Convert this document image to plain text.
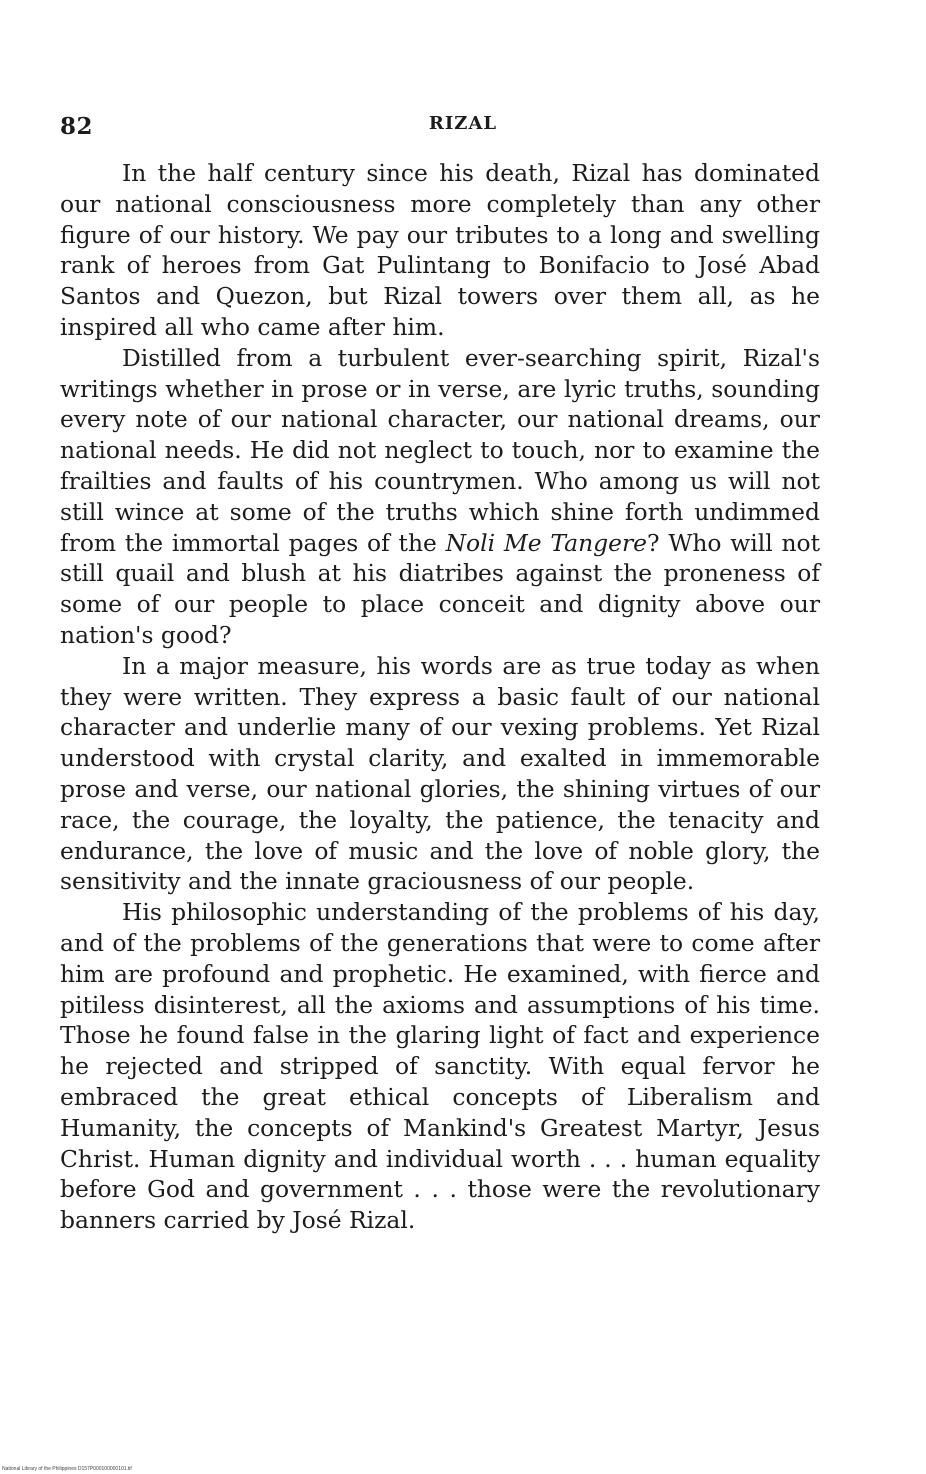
82	RIZAL

In the half century since his death, Rizal has dominated our national consciousness more completely than any other figure of our history. We pay our tributes to a long and swelling rank of heroes from Gat Pulintang to Bonifacio to José Abad Santos and Quezon, but Rizal towers over them all, as he inspired all who came after him.

Distilled from a turbulent ever-searching spirit, Rizal's writings whether in prose or in verse, are lyric truths, sounding every note of our national character, our national dreams, our national needs. He did not neglect to touch, nor to examine the frailties and faults of his countrymen. Who among us will not still wince at some of the truths which shine forth undimmed from the immortal pages of the Noli Me Tangere? Who will not still quail and blush at his diatribes against the proneness of some of our people to place conceit and dignity above our nation's good?

In a major measure, his words are as true today as when they were written. They express a basic fault of our national character and underlie many of our vexing problems. Yet Rizal understood with crystal clarity, and exalted in immemorable prose and verse, our national glories, the shining virtues of our race, the courage, the loyalty, the patience, the tenacity and endurance, the love of music and the love of noble glory, the sensitivity and the innate graciousness of our people.

His philosophic understanding of the problems of his day, and of the problems of the generations that were to come after him are profound and prophetic. He examined, with fierce and pitiless disinterest, all the axioms and assumptions of his time. Those he found false in the glaring light of fact and experience he rejected and stripped of sanctity. With equal fervor he embraced the great ethical concepts of Liberalism and Humanity, the concepts of Mankind's Greatest Martyr, Jesus Christ. Human dignity and individual worth . . . human equality before God and government . . . those were the revolutionary banners carried by José Rizal.

National Library of the Philippines D157P000100000101.tif
